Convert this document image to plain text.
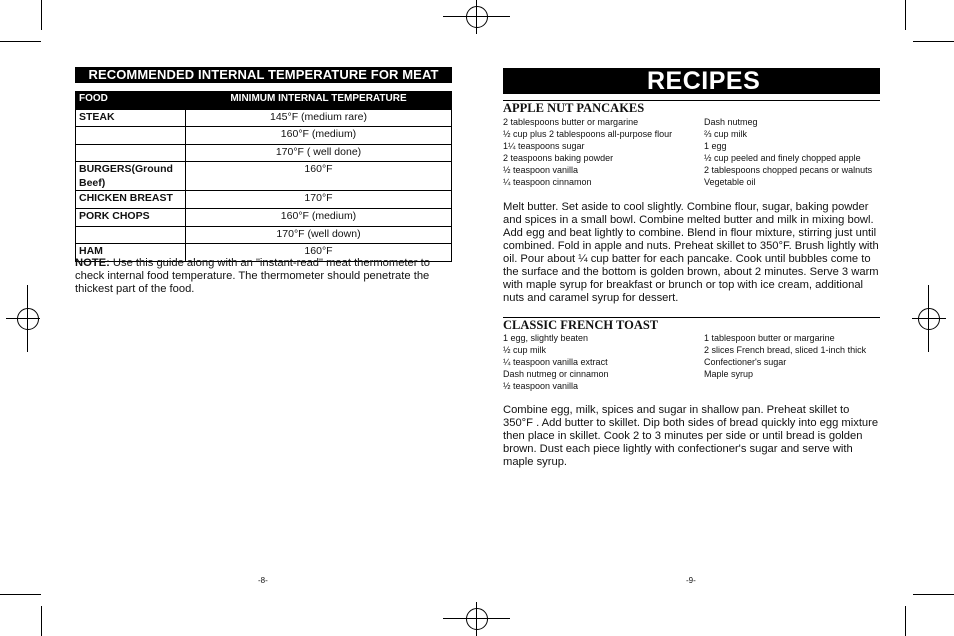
RECOMMENDED INTERNAL TEMPERATURE FOR MEAT
FOOD	MINIMUM INTERNAL TEMPERATURE
STEAK	145°F (medium rare)
	160°F (medium)
	170°F ( well done)
BURGERS(Ground Beef)	160°F
CHICKEN BREAST	170°F
PORK CHOPS	160°F (medium)
	170°F (well down)
HAM	160°F
NOTE: Use this guide along with an "instant-read" meat thermometer to check internal food temperature. The thermometer should penetrate the thickest part of the food.
-8-
RECIPES
APPLE NUT PANCAKES
2 tablespoons butter or margarine
½ cup plus 2 tablespoons all-purpose flour
1¼ teaspoons sugar
2 teaspoons baking powder
½ teaspoon vanilla
¼ teaspoon cinnamon
Dash nutmeg
⅔ cup milk
1 egg
½ cup peeled and finely chopped apple
2 tablespoons chopped pecans or walnuts
Vegetable oil
Melt butter. Set aside to cool slightly. Combine flour, sugar, baking powder and spices in a small bowl. Combine melted butter and milk in mixing bowl. Add egg and beat lightly to combine. Blend in flour mixture, stirring just until combined. Fold in apple and nuts. Preheat skillet to 350°F. Brush lightly with oil. Pour about ¼ cup batter for each pancake. Cook until bubbles come to the surface and the bottom is golden brown, about 2 minutes. Serve 3 warm with maple syrup for breakfast or brunch or top with ice cream, additional nuts and caramel syrup for dessert.
CLASSIC FRENCH TOAST
1 egg, slightly beaten
½ cup milk
¼ teaspoon vanilla extract
Dash nutmeg or cinnamon
½ teaspoon vanilla
1 tablespoon butter or margarine
2 slices French bread, sliced 1-inch thick
Confectioner's sugar
Maple syrup
Combine egg, milk, spices and sugar in shallow pan. Preheat skillet to 350°F . Add butter to skillet. Dip both sides of bread quickly into egg mixture then place in skillet. Cook 2 to 3 minutes per side or until bread is golden brown. Dust each piece lightly with confectioner's sugar and serve with maple syrup.
-9-
